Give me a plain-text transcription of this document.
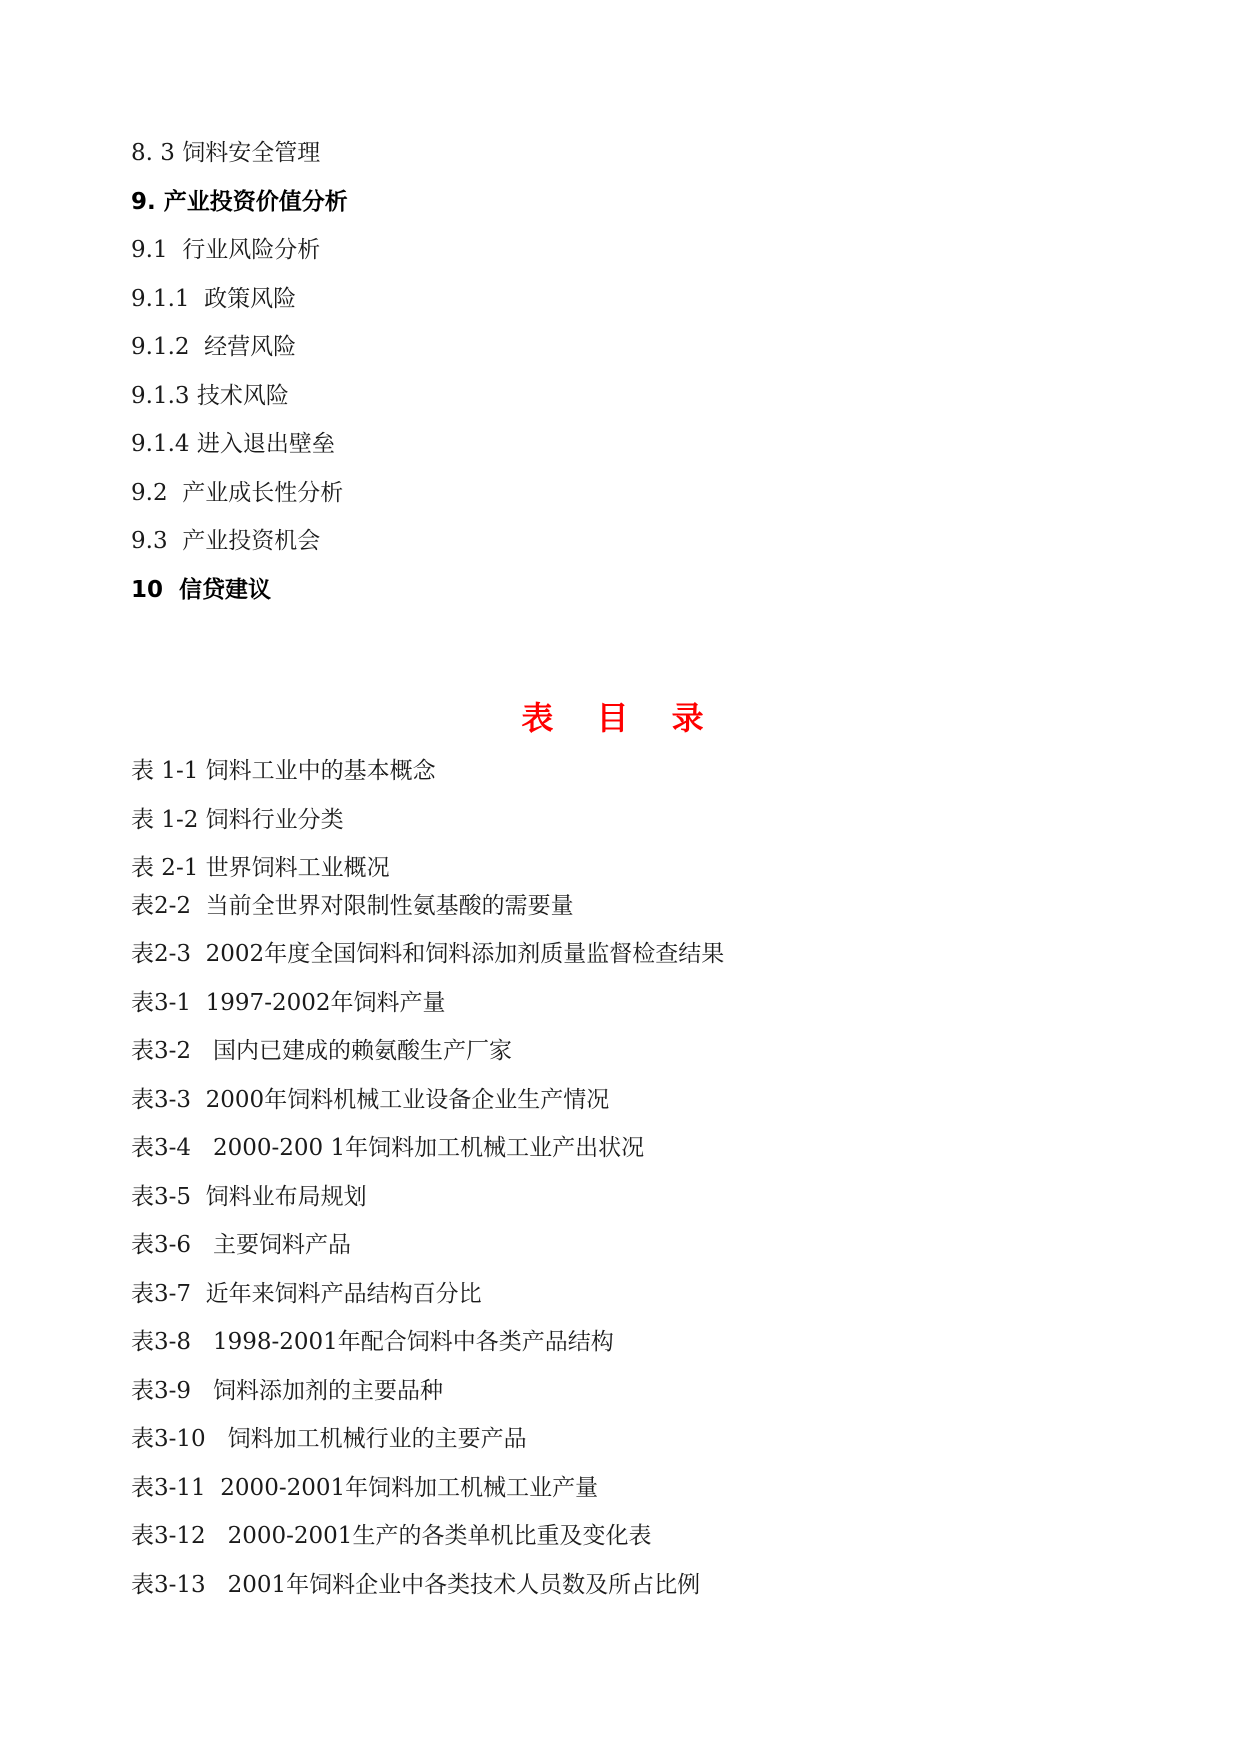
8. 3 饲料安全管理
9. 产业投资价值分析
9.1  行业风险分析
9.1.1  政策风险
9.1.2  经营风险
9.1.3 技术风险
9.1.4 进入退出壁垒
9.2  产业成长性分析
9.3  产业投资机会
10  信贷建议
表 目 录
表 1-1 饲料工业中的基本概念
表 1-2 饲料行业分类
表 2-1 世界饲料工业概况
表2-2  当前全世界对限制性氨基酸的需要量
表2-3  2002年度全国饲料和饲料添加剂质量监督检查结果
表3-1  1997-2002年饲料产量
表3-2   国内已建成的赖氨酸生产厂家
表3-3  2000年饲料机械工业设备企业生产情况
表3-4   2000-200 1年饲料加工机械工业产出状况
表3-5  饲料业布局规划
表3-6   主要饲料产品
表3-7  近年来饲料产品结构百分比
表3-8   1998-2001年配合饲料中各类产品结构
表3-9   饲料添加剂的主要品种
表3-10   饲料加工机械行业的主要产品
表3-11  2000-2001年饲料加工机械工业产量
表3-12   2000-2001生产的各类单机比重及变化表
表3-13   2001年饲料企业中各类技术人员数及所占比例
